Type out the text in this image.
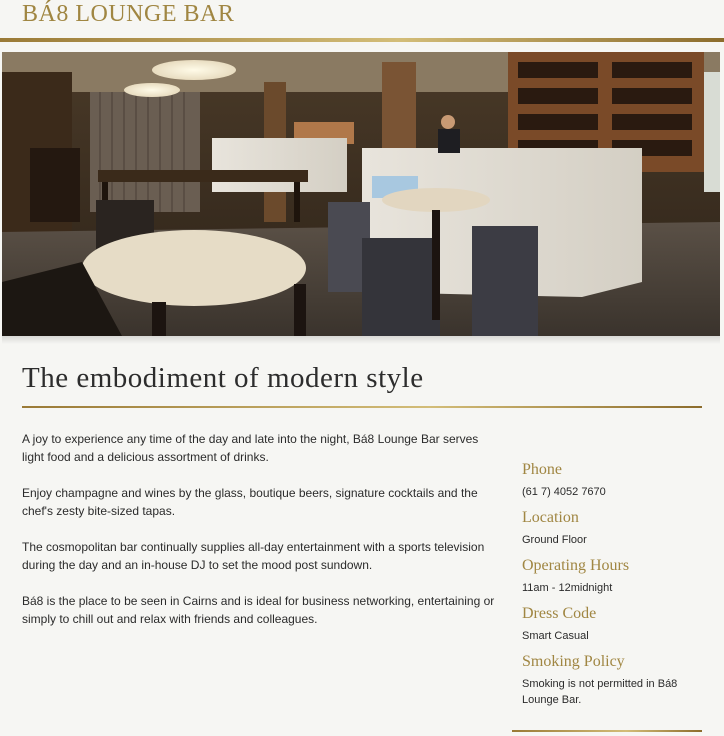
BÁ8 LOUNGE BAR
The embodiment of modern style

A joy to experience any time of the day and late into the night, Bá8 Lounge Bar serves light food and a delicious assortment of drinks.

Enjoy champagne and wines by the glass, boutique beers, signature cocktails and the chef's zesty bite-sized tapas.

The cosmopolitan bar continually supplies all-day entertainment with a sports television during the day and an in-house DJ to set the mood post sundown.

Bá8 is the place to be seen in Cairns and is ideal for business networking, entertaining or simply to chill out and relax with friends and colleagues.

Phone

(61 7) 4052 7670

Location

Ground Floor

Operating Hours

11am - 12midnight

Dress Code

Smart Casual

Smoking Policy

Smoking is not permitted in Bá8 Lounge Bar.
